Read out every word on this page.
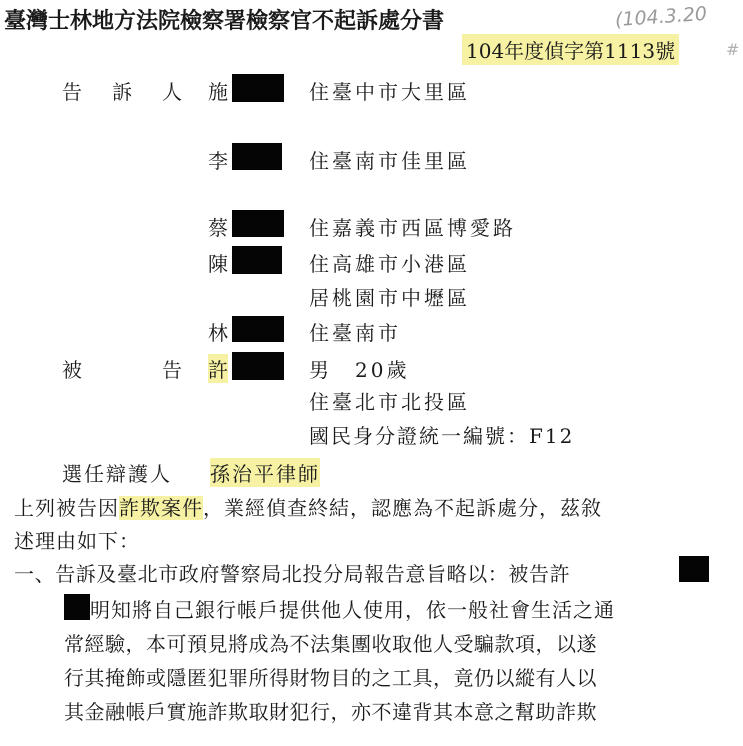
臺灣士林地方法院檢察署檢察官不起訴處分書	(104.3.20
#
104年度偵字第1113號
告 訴 人 施	住臺中市大里區
李	住臺南市佳里區
蔡	住嘉義市西區博愛路
陳	住高雄市小港區
居桃園市中壢區
林	住臺南市
被	告 許	男　20歲
住臺北市北投區
國民身分證統一編號：F12
選任辯護人 孫治平律師
上列被告因詐欺案件，業經偵查終結，認應為不起訴處分，茲敘
述理由如下：
一、告訴及臺北市政府警察局北投分局報告意旨略以：被告許
明知將自己銀行帳戶提供他人使用，依一般社會生活之通
常經驗，本可預見將成為不法集團收取他人受騙款項，以遂
行其掩飾或隱匿犯罪所得財物目的之工具，竟仍以縱有人以
其金融帳戶實施詐欺取財犯行，亦不違背其本意之幫助詐欺
